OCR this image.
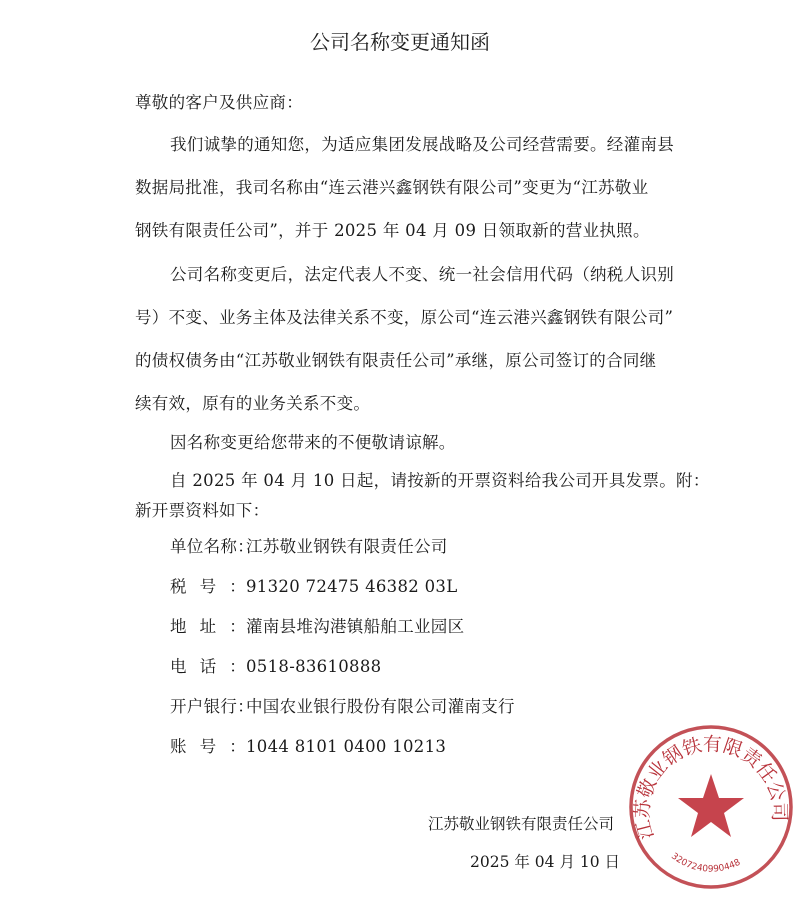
公司名称变更通知函
尊敬的客户及供应商：
我们诚挚的通知您，为适应集团发展战略及公司经营需要。经灌南县
数据局批准，我司名称由“连云港兴鑫钢铁有限公司”变更为“江苏敬业
钢铁有限责任公司”，并于 2025 年 04 月 09 日领取新的营业执照。
公司名称变更后，法定代表人不变、统一社会信用代码（纳税人识别
号）不变、业务主体及法律关系不变，原公司“连云港兴鑫钢铁有限公司”
的债权债务由“江苏敬业钢铁有限责任公司”承继，原公司签订的合同继
续有效，原有的业务关系不变。
因名称变更给您带来的不便敬请谅解。
自 2025 年 04 月 10 日起，请按新的开票资料给我公司开具发票。附：
新开票资料如下：
单位名称：江苏敬业钢铁有限责任公司
税号：91320 72475 46382 03L
地址：灌南县堆沟港镇船舶工业园区
电话：0518-83610888
开户银行：中国农业银行股份有限公司灌南支行
账号：1044 8101 0400 10213
江苏敬业钢铁有限责任公司
3207240990448
江苏敬业钢铁有限责任公司
2025 年 04 月 10 日
